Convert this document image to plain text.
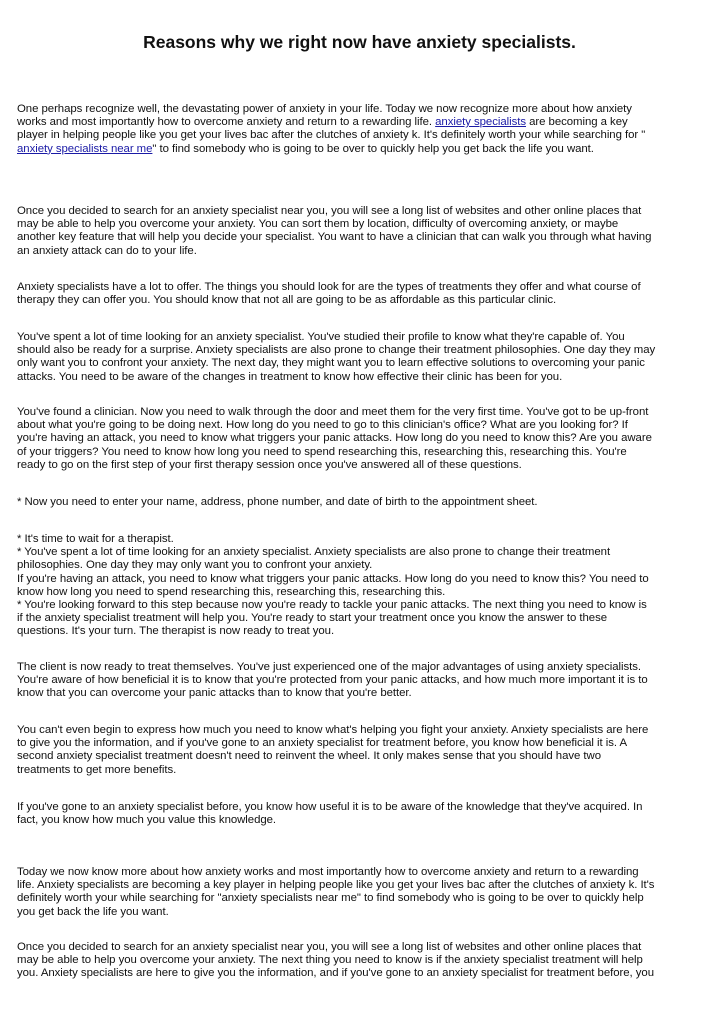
Reasons why we right now have anxiety specialists.

One perhaps recognize well, the devastating power of anxiety in your life. Today we now recognize more about how anxiety
works and most importantly how to overcome anxiety and return to a rewarding life. anxiety specialists are becoming a key
player in helping people like you get your lives bac after the clutches of anxiety k. It's definitely worth your while searching for "
anxiety specialists near me" to find somebody who is going to be over to quickly help you get back the life you want.

Once you decided to search for an anxiety specialist near you, you will see a long list of websites and other online places that
may be able to help you overcome your anxiety. You can sort them by location, difficulty of overcoming anxiety, or maybe
another key feature that will help you decide your specialist. You want to have a clinician that can walk you through what having
an anxiety attack can do to your life.

Anxiety specialists have a lot to offer. The things you should look for are the types of treatments they offer and what course of
therapy they can offer you. You should know that not all are going to be as affordable as this particular clinic.

You've spent a lot of time looking for an anxiety specialist. You've studied their profile to know what they're capable of. You
should also be ready for a surprise. Anxiety specialists are also prone to change their treatment philosophies. One day they may
only want you to confront your anxiety. The next day, they might want you to learn effective solutions to overcoming your panic
attacks. You need to be aware of the changes in treatment to know how effective their clinic has been for you.

You've found a clinician. Now you need to walk through the door and meet them for the very first time. You've got to be up-front
about what you're going to be doing next. How long do you need to go to this clinician's office? What are you looking for? If
you're having an attack, you need to know what triggers your panic attacks. How long do you need to know this? Are you aware
of your triggers? You need to know how long you need to spend researching this, researching this, researching this. You're
ready to go on the first step of your first therapy session once you've answered all of these questions.

* Now you need to enter your name, address, phone number, and date of birth to the appointment sheet.

* It's time to wait for a therapist.
* You've spent a lot of time looking for an anxiety specialist. Anxiety specialists are also prone to change their treatment
philosophies. One day they may only want you to confront your anxiety.
If you're having an attack, you need to know what triggers your panic attacks. How long do you need to know this? You need to
know how long you need to spend researching this, researching this, researching this.
* You're looking forward to this step because now you're ready to tackle your panic attacks. The next thing you need to know is
if the anxiety specialist treatment will help you. You're ready to start your treatment once you know the answer to these
questions. It's your turn. The therapist is now ready to treat you.

The client is now ready to treat themselves. You've just experienced one of the major advantages of using anxiety specialists.
You're aware of how beneficial it is to know that you're protected from your panic attacks, and how much more important it is to
know that you can overcome your panic attacks than to know that you're better.

You can't even begin to express how much you need to know what's helping you fight your anxiety. Anxiety specialists are here
to give you the information, and if you've gone to an anxiety specialist for treatment before, you know how beneficial it is. A
second anxiety specialist treatment doesn't need to reinvent the wheel. It only makes sense that you should have two
treatments to get more benefits.

If you've gone to an anxiety specialist before, you know how useful it is to be aware of the knowledge that they've acquired. In
fact, you know how much you value this knowledge.

Today we now know more about how anxiety works and most importantly how to overcome anxiety and return to a rewarding
life. Anxiety specialists are becoming a key player in helping people like you get your lives bac after the clutches of anxiety k. It's
definitely worth your while searching for "anxiety specialists near me" to find somebody who is going to be over to quickly help
you get back the life you want.

Once you decided to search for an anxiety specialist near you, you will see a long list of websites and other online places that
may be able to help you overcome your anxiety. The next thing you need to know is if the anxiety specialist treatment will help
you. Anxiety specialists are here to give you the information, and if you've gone to an anxiety specialist for treatment before, you
